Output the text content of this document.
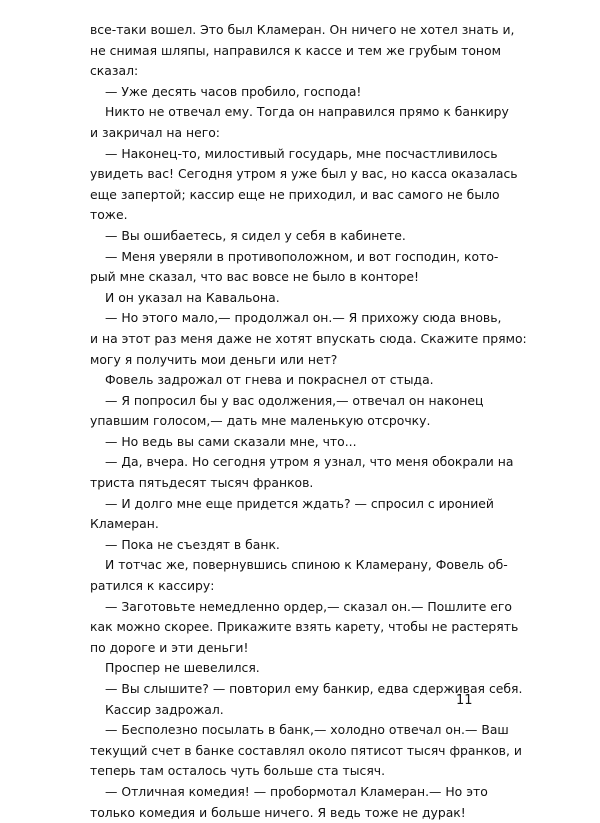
все-таки вошел. Это был Кламеран. Он ничего не хотел знать и,
не снимая шляпы, направился к кассе и тем же грубым тоном
сказал:
— Уже десять часов пробило, господа!
Никто не отвечал ему. Тогда он направился прямо к банкиру
и закричал на него:
— Наконец-то, милостивый государь, мне посчастливилось
увидеть вас! Сегодня утром я уже был у вас, но касса оказалась
еще запертой; кассир еще не приходил, и вас самого не было
тоже.
— Вы ошибаетесь, я сидел у себя в кабинете.
— Меня уверяли в противоположном, и вот господин, кото-
рый мне сказал, что вас вовсе не было в конторе!
И он указал на Кавальона.
— Но этого мало,— продолжал он.— Я прихожу сюда вновь,
и на этот раз меня даже не хотят впускать сюда. Скажите прямо:
могу я получить мои деньги или нет?
Фовель задрожал от гнева и покраснел от стыда.
— Я попросил бы у вас одолжения,— отвечал он наконец
упавшим голосом,— дать мне маленькую отсрочку.
— Но ведь вы сами сказали мне, что...
— Да, вчера. Но сегодня утром я узнал, что меня обокрали на
триста пятьдесят тысяч франков.
— И долго мне еще придется ждать? — спросил с иронией
Кламеран.
— Пока не съездят в банк.
И тотчас же, повернувшись спиною к Кламерану, Фовель об-
ратился к кассиру:
— Заготовьте немедленно ордер,— сказал он.— Пошлите его
как можно скорее. Прикажите взять карету, чтобы не растерять
по дороге и эти деньги!
Проспер не шевелился.
— Вы слышите? — повторил ему банкир, едва сдерживая себя.
Кассир задрожал.
— Бесполезно посылать в банк,— холодно отвечал он.— Ваш
текущий счет в банке составлял около пятисот тысяч франков, и
теперь там осталось чуть больше ста тысяч.
— Отличная комедия! — пробормотал Кламеран.— Но это
только комедия и больше ничего. Я ведь тоже не дурак!
11
